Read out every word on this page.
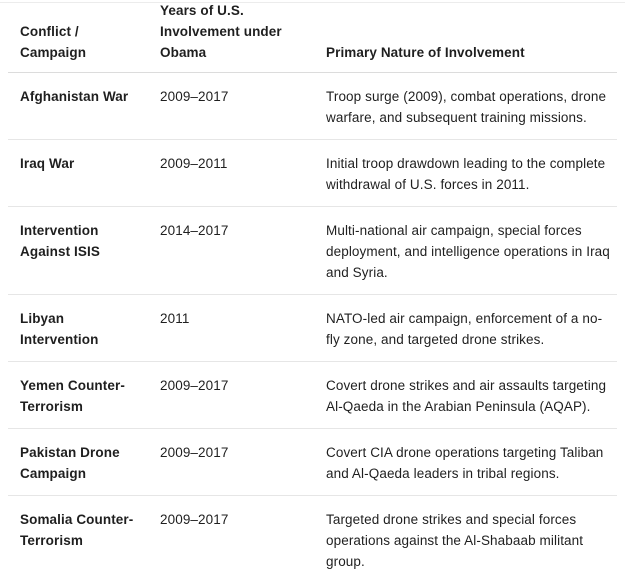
Conflict / Campaign	Years of U.S. Involvement under Obama	Primary Nature of Involvement
Afghanistan War	2009–2017	Troop surge (2009), combat operations, drone warfare, and subsequent training missions.
Iraq War	2009–2011	Initial troop drawdown leading to the complete withdrawal of U.S. forces in 2011.
Intervention Against ISIS	2014–2017	Multi-national air campaign, special forces deployment, and intelligence operations in Iraq and Syria.
Libyan Intervention	2011	NATO-led air campaign, enforcement of a no-fly zone, and targeted drone strikes.
Yemen Counter-Terrorism	2009–2017	Covert drone strikes and air assaults targeting Al-Qaeda in the Arabian Peninsula (AQAP).
Pakistan Drone Campaign	2009–2017	Covert CIA drone operations targeting Taliban and Al-Qaeda leaders in tribal regions.
Somalia Counter-Terrorism	2009–2017	Targeted drone strikes and special forces operations against the Al-Shabaab militant group.
